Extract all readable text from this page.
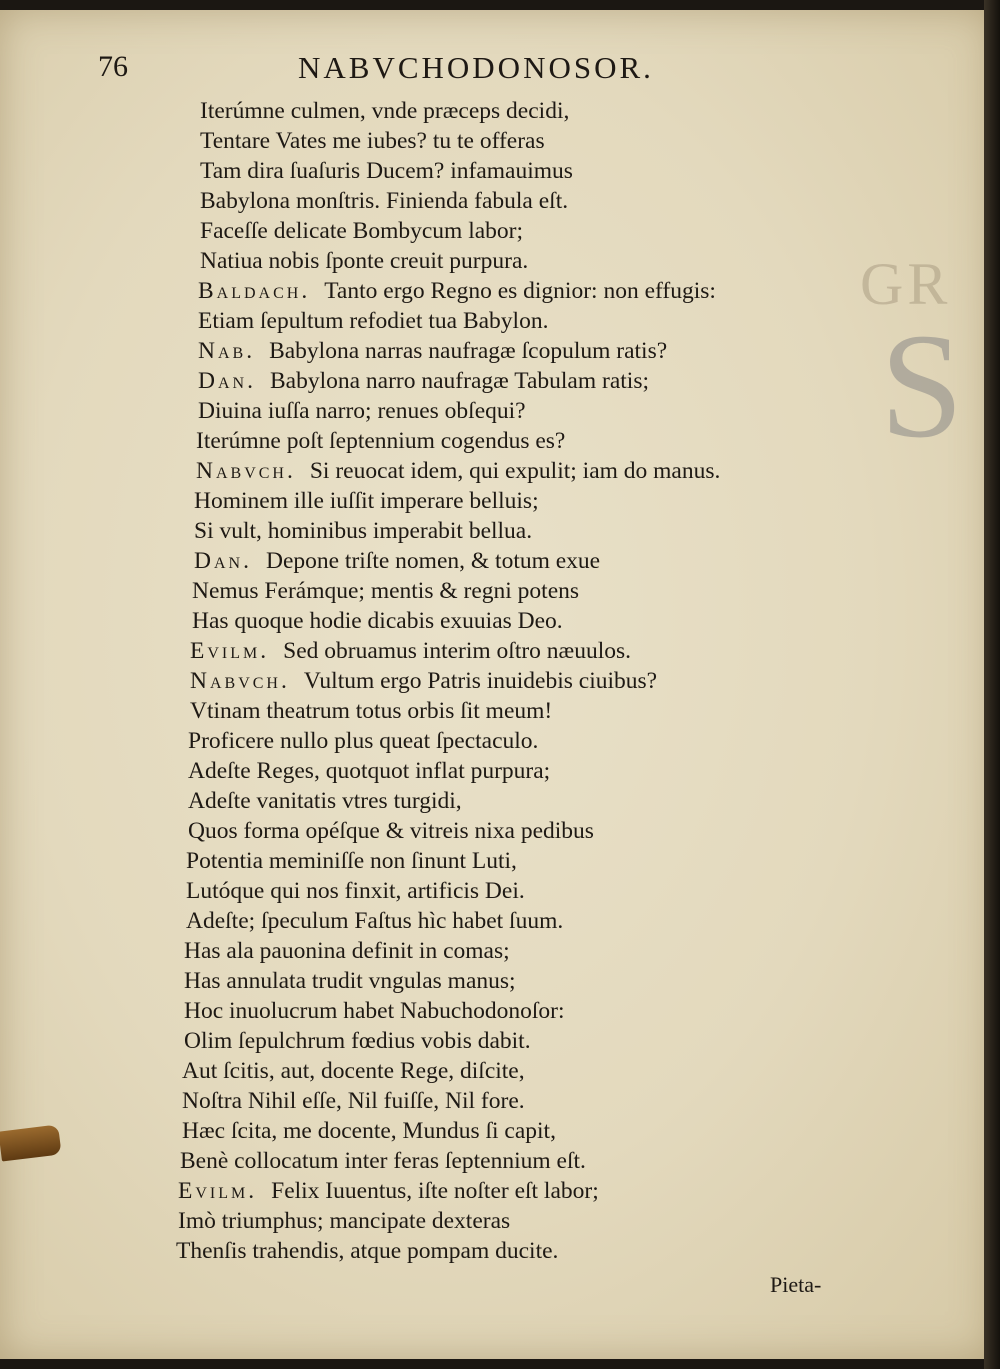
GR
S
76	NABVCHODONOSOR.
Iterúmne culmen, vnde præceps decidi,
Tentare Vates me iubes? tu te offeras
Tam dira ſuaſuris Ducem? infamauimus
Babylona monſtris. Finienda fabula eſt.
Faceſſe delicate Bombycum labor;
Natiua nobis ſponte creuit purpura.
Baldach. Tanto ergo Regno es dignior: non effugis:
Etiam ſepultum refodiet tua Babylon.
Nab. Babylona narras naufragæ ſcopulum ratis?
Dan. Babylona narro naufragæ Tabulam ratis;
Diuina iuſſa narro; renues obſequi?
Iterúmne poſt ſeptennium cogendus es?
Nabvch. Si reuocat idem, qui expulit; iam do manus.
Hominem ille iuſſit imperare belluis;
Si vult, hominibus imperabit bellua.
Dan. Depone triſte nomen, & totum exue
Nemus Ferámque; mentis & regni potens
Has quoque hodie dicabis exuuias Deo.
Evilm. Sed obruamus interim oſtro næuulos.
Nabvch. Vultum ergo Patris inuidebis ciuibus?
Vtinam theatrum totus orbis ſit meum!
Proficere nullo plus queat ſpectaculo.
Adeſte Reges, quotquot inflat purpura;
Adeſte vanitatis vtres turgidi,
Quos forma opéſque & vitreis nixa pedibus
Potentia meminiſſe non ſinunt Luti,
Lutóque qui nos finxit, artificis Dei.
Adeſte; ſpeculum Faſtus hìc habet ſuum.
Has ala pauonina definit in comas;
Has annulata trudit vngulas manus;
Hoc inuolucrum habet Nabuchodonoſor:
Olim ſepulchrum fœdius vobis dabit.
Aut ſcitis, aut, docente Rege, diſcite,
Noſtra Nihil eſſe, Nil fuiſſe, Nil fore.
Hæc ſcita, me docente, Mundus ſi capit,
Benè collocatum inter feras ſeptennium eſt.
Evilm. Felix Iuuentus, iſte noſter eſt labor;
Imò triumphus; mancipate dexteras
Thenſis trahendis, atque pompam ducite.
Pieta-
